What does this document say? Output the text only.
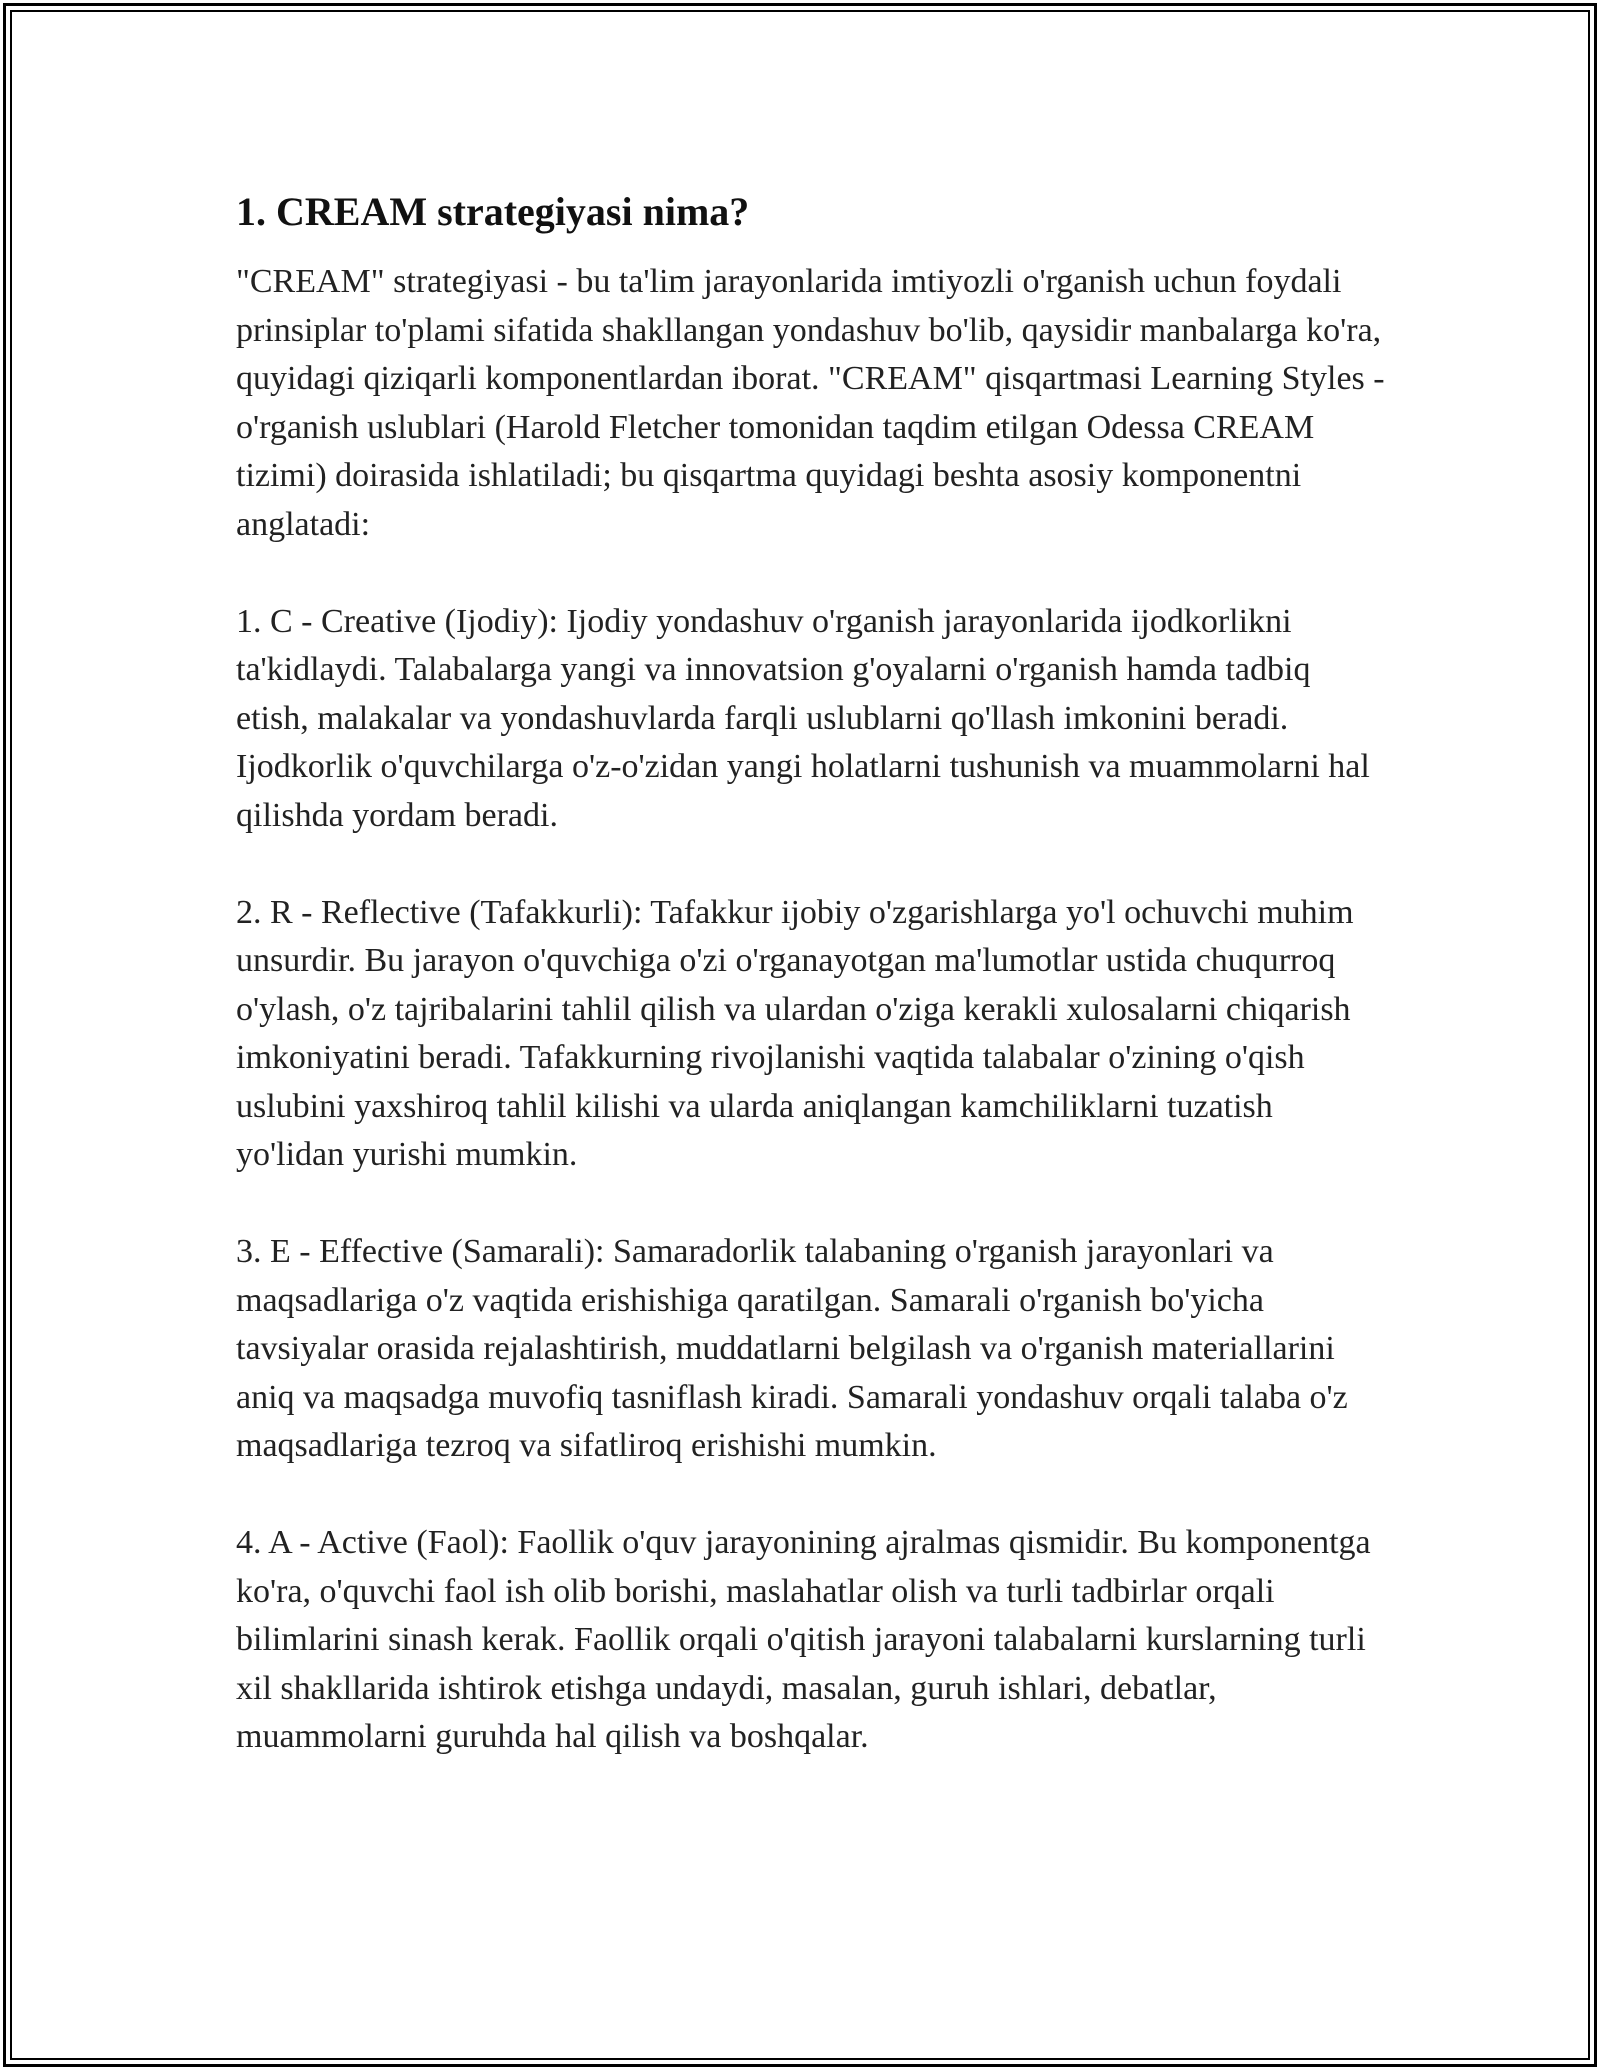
1. CREAM strategiyasi nima?

"CREAM" strategiyasi - bu ta'lim jarayonlarida imtiyozli o'rganish uchun foydali prinsiplar to'plami sifatida shakllangan yondashuv bo'lib, qaysidir manbalarga ko'ra, quyidagi qiziqarli komponentlardan iborat. "CREAM" qisqartmasi Learning Styles - o'rganish uslublari (Harold Fletcher tomonidan taqdim etilgan Odessa CREAM tizimi) doirasida ishlatiladi; bu qisqartma quyidagi beshta asosiy komponentni anglatadi:

1. C - Creative (Ijodiy): Ijodiy yondashuv o'rganish jarayonlarida ijodkorlikni ta'kidlaydi. Talabalarga yangi va innovatsion g'oyalarni o'rganish hamda tadbiq etish, malakalar va yondashuvlarda farqli uslublarni qo'llash imkonini beradi. Ijodkorlik o'quvchilarga o'z-o'zidan yangi holatlarni tushunish va muammolarni hal qilishda yordam beradi.

2. R - Reflective (Tafakkurli): Tafakkur ijobiy o'zgarishlarga yo'l ochuvchi muhim unsurdir. Bu jarayon o'quvchiga o'zi o'rganayotgan ma'lumotlar ustida chuqurroq o'ylash, o'z tajribalarini tahlil qilish va ulardan o'ziga kerakli xulosalarni chiqarish imkoniyatini beradi. Tafakkurning rivojlanishi vaqtida talabalar o'zining o'qish uslubini yaxshiroq tahlil kilishi va ularda aniqlangan kamchiliklarni tuzatish yo'lidan yurishi mumkin.

3. E - Effective (Samarali): Samaradorlik talabaning o'rganish jarayonlari va maqsadlariga o'z vaqtida erishishiga qaratilgan. Samarali o'rganish bo'yicha tavsiyalar orasida rejalashtirish, muddatlarni belgilash va o'rganish materiallarini aniq va maqsadga muvofiq tasniflash kiradi. Samarali yondashuv orqali talaba o'z maqsadlariga tezroq va sifatliroq erishishi mumkin.

4. A - Active (Faol): Faollik o'quv jarayonining ajralmas qismidir. Bu komponentga ko'ra, o'quvchi faol ish olib borishi, maslahatlar olish va turli tadbirlar orqali bilimlarini sinash kerak. Faollik orqali o'qitish jarayoni talabalarni kurslarning turli xil shakllarida ishtirok etishga undaydi, masalan, guruh ishlari, debatlar, muammolarni guruhda hal qilish va boshqalar.
